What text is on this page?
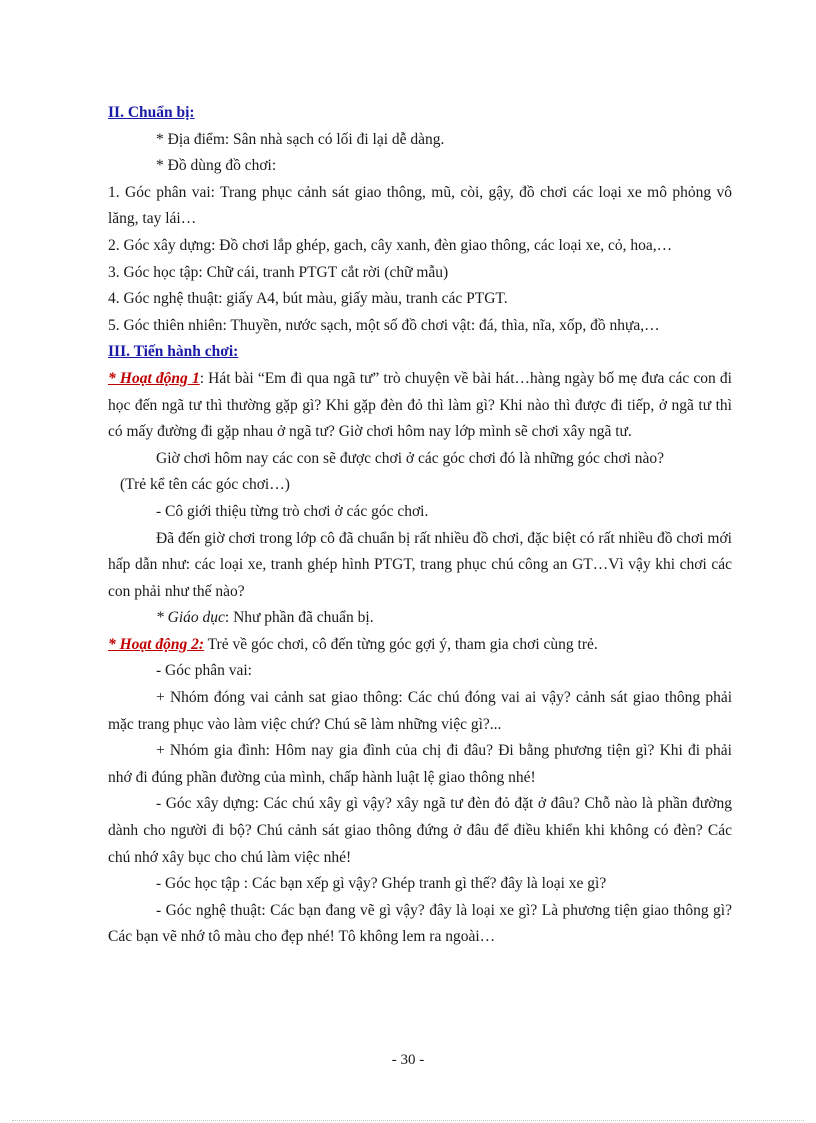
II. Chuẩn bị:

* Địa điểm: Sân nhà sạch có lối đi lại dễ dàng.

* Đồ dùng đồ chơi:

1. Góc phân vai: Trang phục cảnh sát giao thông, mũ, còi, gậy, đồ chơi các loại xe mô phỏng vô lăng, tay lái…

2. Góc xây dựng: Đồ chơi lắp ghép, gach, cây xanh, đèn giao thông, các loại xe, cỏ, hoa,…

3. Góc học tập: Chữ cái, tranh PTGT cắt rời (chữ mẫu)

4. Góc nghệ thuật: giấy A4, bút màu, giấy màu, tranh các PTGT.

5. Góc thiên nhiên: Thuyền, nước sạch, một số đồ chơi vật: đá, thìa, nĩa, xốp, đồ nhựa,…

III. Tiến hành chơi:

* Hoạt động 1: Hát bài “Em đi qua ngã tư” trò chuyện về bài hát…hàng ngày bố mẹ đưa các con đi học đến ngã tư thì thường gặp gì? Khi gặp đèn đỏ thì làm gì? Khi nào thì được đi tiếp, ở ngã tư thì có mấy đường đi gặp nhau ở ngã tư? Giờ chơi hôm nay lớp mình sẽ chơi xây ngã tư.

Giờ chơi hôm nay các con sẽ được chơi ở các góc chơi đó là những góc chơi nào?

(Trẻ kể tên các góc chơi…)

- Cô giới thiệu từng trò chơi ở các góc chơi.

Đã đến giờ chơi trong lớp cô đã chuẩn bị rất nhiều đồ chơi, đặc biệt có rất nhiều đồ chơi mới hấp dẫn như: các loại xe, tranh ghép hình PTGT, trang phục chú công an GT…Vì vậy khi chơi các con phải như thế nào?

* Giáo dục: Như phần đã chuẩn bị.

* Hoạt động 2: Trẻ về góc chơi, cô đến từng góc gợi ý, tham gia chơi cùng trẻ.

- Góc phân vai:

+ Nhóm đóng vai cảnh sat giao thông: Các chú đóng vai ai vậy? cảnh sát giao thông phải mặc trang phục vào làm việc chứ? Chú sẽ làm những việc gì?...

+ Nhóm gia đình: Hôm nay gia đình của chị đi đâu? Đi bằng phương tiện gì? Khi đi phải nhớ đi đúng phần đường của mình, chấp hành luật lệ giao thông nhé!

- Góc xây dựng: Các chú xây gì vậy? xây ngã tư đèn đỏ đặt ở đâu? Chỗ nào là phần đường dành cho người đi bộ? Chú cảnh sát giao thông đứng ở đâu để điều khiển khi không có đèn? Các chú nhớ xây bục cho chú làm việc nhé!

- Góc học tập : Các bạn xếp gì vậy? Ghép tranh gì thế? đây là loại xe gì?

- Góc nghệ thuật: Các bạn đang vẽ gì vậy? đây là loại xe gì? Là phương tiện giao thông gì? Các bạn vẽ nhớ tô màu cho đẹp nhé! Tô không lem ra ngoài…

- 30 -
